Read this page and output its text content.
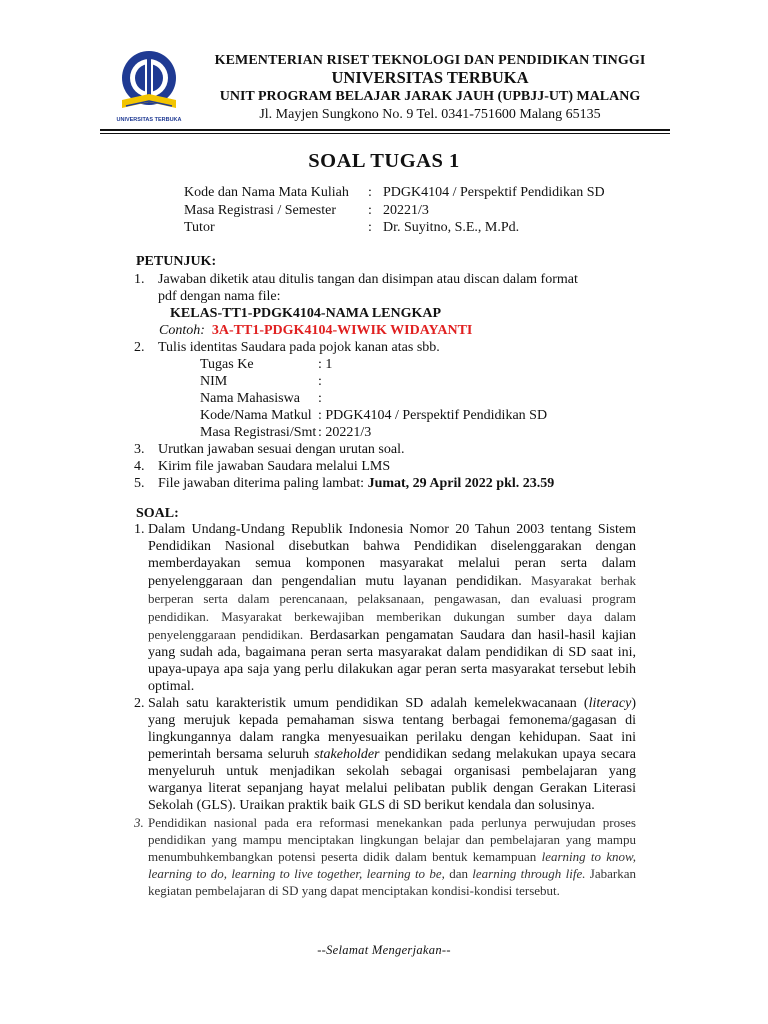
UNIVERSITAS TERBUKA
KEMENTERIAN RISET TEKNOLOGI DAN PENDIDIKAN TINGGI
UNIVERSITAS TERBUKA
UNIT PROGRAM BELAJAR JARAK JAUH (UPBJJ-UT) MALANG
Jl. Mayjen Sungkono No. 9 Tel. 0341-751600 Malang 65135
SOAL TUGAS 1
Kode dan Nama Mata Kuliah	: PDGK4104 / Perspektif Pendidikan SD
Masa Registrasi / Semester	: 20221/3
Tutor	: Dr. Suyitno, S.E., M.Pd.
PETUNJUK:
1. Jawaban diketik atau ditulis tangan dan disimpan atau discan dalam format pdf dengan nama file:
KELAS-TT1-PDGK4104-NAMA LENGKAP
Contoh: 3A-TT1-PDGK4104-WIWIK WIDAYANTI
2. Tulis identitas Saudara pada pojok kanan atas sbb.
Tugas Ke	: 1
NIM	:
Nama Mahasiswa	:
Kode/Nama Matkul : PDGK4104 / Perspektif Pendidikan SD
Masa Registrasi/Smt : 20221/3
3. Urutkan jawaban sesuai dengan urutan soal.
4. Kirim file jawaban Saudara melalui LMS
5. File jawaban diterima paling lambat: Jumat, 29 April 2022 pkl. 23.59
SOAL:
1. Dalam Undang-Undang Republik Indonesia Nomor 20 Tahun 2003 tentang Sistem Pendidikan Nasional disebutkan bahwa Pendidikan diselenggarakan dengan memberdayakan semua komponen masyarakat melalui peran serta dalam penyelenggaraan dan pengendalian mutu layanan pendidikan. Masyarakat berhak berperan serta dalam perencanaan, pelaksanaan, pengawasan, dan evaluasi program pendidikan. Masyarakat berkewajiban memberikan dukungan sumber daya dalam penyelenggaraan pendidikan. Berdasarkan pengamatan Saudara dan hasil-hasil kajian yang sudah ada, bagaimana peran serta masyarakat dalam pendidikan di SD saat ini, upaya-upaya apa saja yang perlu dilakukan agar peran serta masyarakat tersebut lebih optimal.
2. Salah satu karakteristik umum pendidikan SD adalah kemelekwacanaan (literacy) yang merujuk kepada pemahaman siswa tentang berbagai femonema/gagasan di lingkungannya dalam rangka menyesuaikan perilaku dengan kehidupan. Saat ini pemerintah bersama seluruh stakeholder pendidikan sedang melakukan upaya secara menyeluruh untuk menjadikan sekolah sebagai organisasi pembelajaran yang warganya literat sepanjang hayat melalui pelibatan publik dengan Gerakan Literasi Sekolah (GLS). Uraikan praktik baik GLS di SD berikut kendala dan solusinya.
3. Pendidikan nasional pada era reformasi menekankan pada perlunya perwujudan proses pendidikan yang mampu menciptakan lingkungan belajar dan pembelajaran yang mampu menumbuhkembangkan potensi peserta didik dalam bentuk kemampuan learning to know, learning to do, learning to live together, learning to be, dan learning through life. Jabarkan kegiatan pembelajaran di SD yang dapat menciptakan kondisi-kondisi tersebut.
--Selamat Mengerjakan--
